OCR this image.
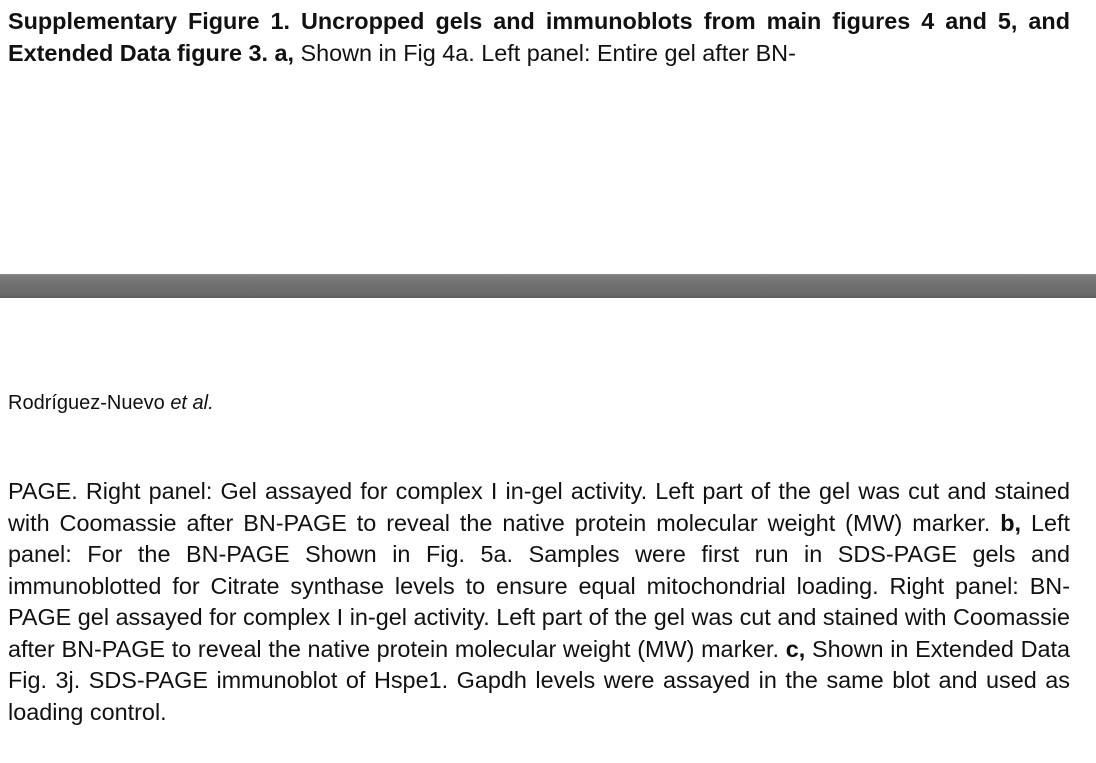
Supplementary Figure 1. Uncropped gels and immunoblots from main figures 4 and 5, and Extended Data figure 3. a, Shown in Fig 4a. Left panel: Entire gel after BN-

Rodríguez-Nuevo et al.

PAGE. Right panel: Gel assayed for complex I in-gel activity. Left part of the gel was cut and stained with Coomassie after BN-PAGE to reveal the native protein molecular weight (MW) marker. b, Left panel: For the BN-PAGE Shown in Fig. 5a. Samples were first run in SDS-PAGE gels and immunoblotted for Citrate synthase levels to ensure equal mitochondrial loading. Right panel: BN-PAGE gel assayed for complex I in-gel activity. Left part of the gel was cut and stained with Coomassie after BN-PAGE to reveal the native protein molecular weight (MW) marker. c, Shown in Extended Data Fig. 3j. SDS-PAGE immunoblot of Hspe1. Gapdh levels were assayed in the same blot and used as loading control.
